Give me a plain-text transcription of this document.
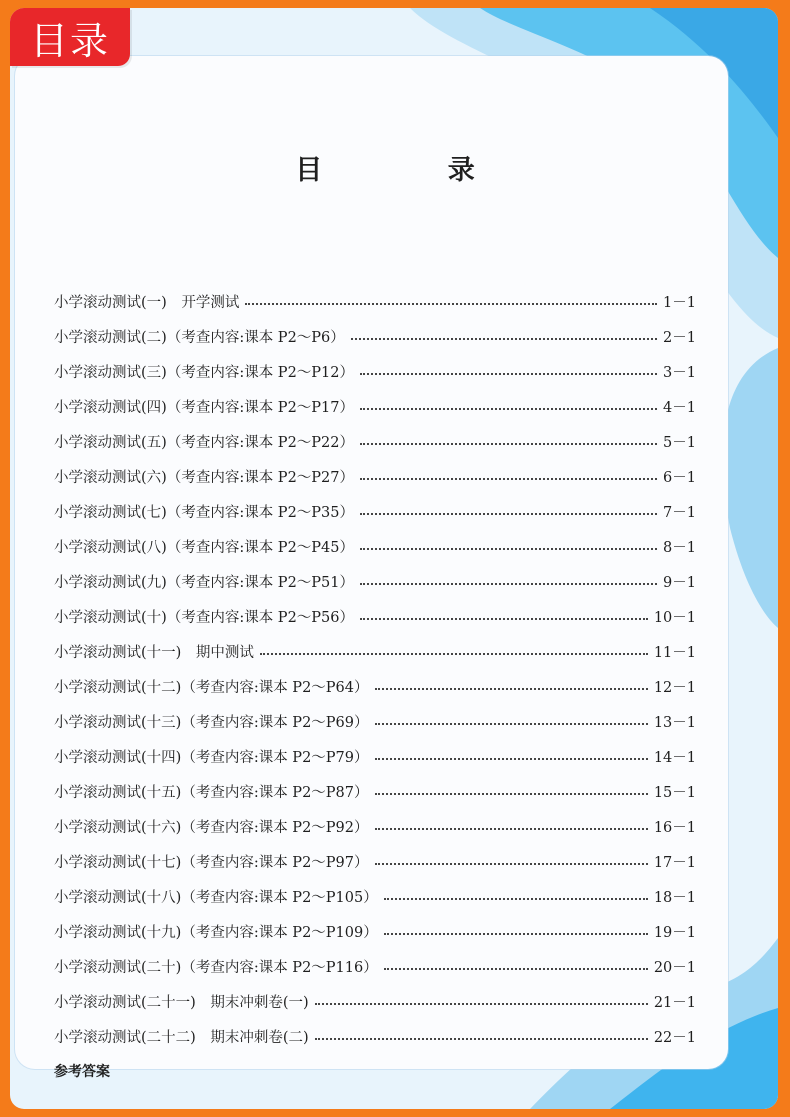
目录
目 录
小学滚动测试(一)　开学测试	1－1
小学滚动测试(二)（考查内容:课本 P2～P6）	2－1
小学滚动测试(三)（考查内容:课本 P2～P12）	3－1
小学滚动测试(四)（考查内容:课本 P2～P17）	4－1
小学滚动测试(五)（考查内容:课本 P2～P22）	5－1
小学滚动测试(六)（考查内容:课本 P2～P27）	6－1
小学滚动测试(七)（考查内容:课本 P2～P35）	7－1
小学滚动测试(八)（考查内容:课本 P2～P45）	8－1
小学滚动测试(九)（考查内容:课本 P2～P51）	9－1
小学滚动测试(十)（考查内容:课本 P2～P56）	10－1
小学滚动测试(十一)　期中测试	11－1
小学滚动测试(十二)（考查内容:课本 P2～P64）	12－1
小学滚动测试(十三)（考查内容:课本 P2～P69）	13－1
小学滚动测试(十四)（考查内容:课本 P2～P79）	14－1
小学滚动测试(十五)（考查内容:课本 P2～P87）	15－1
小学滚动测试(十六)（考查内容:课本 P2～P92）	16－1
小学滚动测试(十七)（考查内容:课本 P2～P97）	17－1
小学滚动测试(十八)（考查内容:课本 P2～P105）	18－1
小学滚动测试(十九)（考查内容:课本 P2～P109）	19－1
小学滚动测试(二十)（考查内容:课本 P2～P116）	20－1
小学滚动测试(二十一)　期末冲刺卷(一)	21－1
小学滚动测试(二十二)　期末冲刺卷(二)	22－1
参考答案
